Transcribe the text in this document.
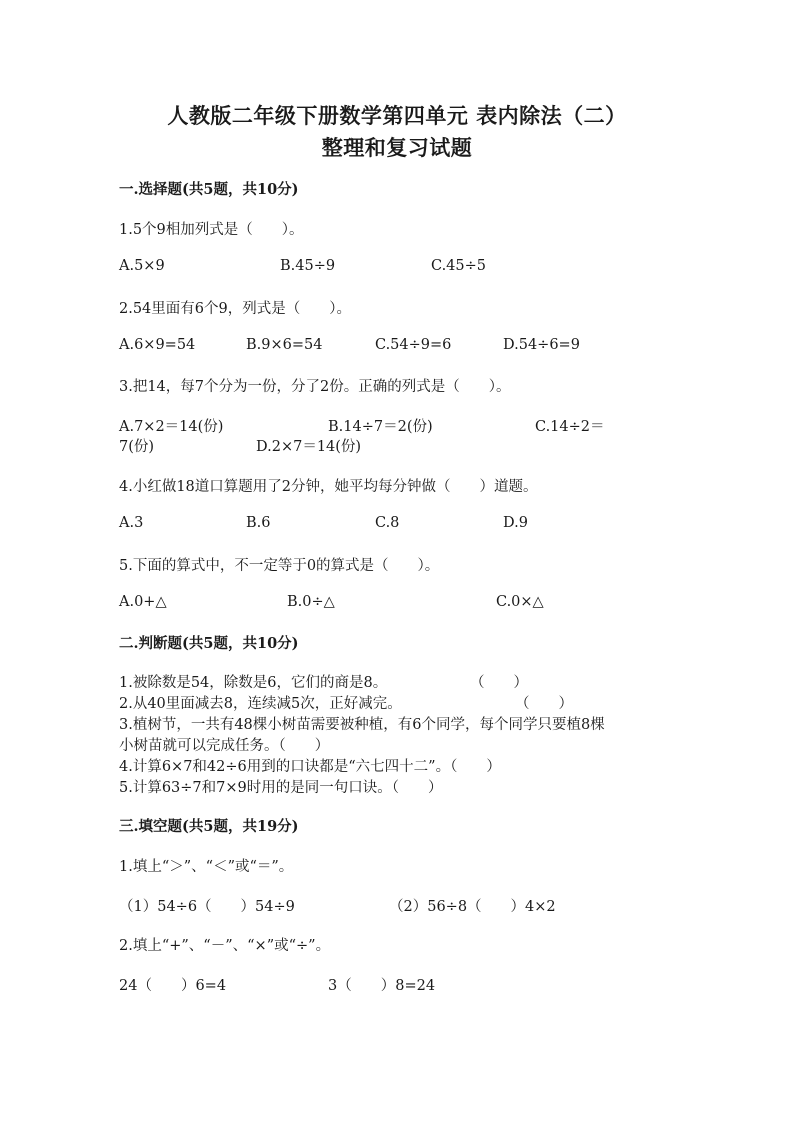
人教版二年级下册数学第四单元 表内除法（二）
整理和复习试题
一.选择题(共5题，共10分)
1.5个9相加列式是（　　）。
A.5×9	B.45÷9	C.45÷5
2.54里面有6个9，列式是（　　）。
A.6×9=54	B.9×6=54	C.54÷9=6	D.54÷6=9
3.把14，每7个分为一份，分了2份。正确的列式是（　　）。
A.7×2＝14(份)	B.14÷7＝2(份)	C.14÷2＝
7(份)	D.2×7＝14(份)
4.小红做18道口算题用了2分钟，她平均每分钟做（　　）道题。
A.3	B.6	C.8	D.9
5.下面的算式中，不一定等于0的算式是（　　）。
A.0+△	B.0÷△	C.0×△
二.判断题(共5题，共10分)
1.被除数是54，除数是6，它们的商是8。	（　　）
2.从40里面减去8，连续减5次，正好减完。	（　　）
3.植树节，一共有48棵小树苗需要被种植，有6个同学，每个同学只要植8棵
小树苗就可以完成任务。（　　）
4.计算6×7和42÷6用到的口诀都是“六七四十二”。（　　）
5.计算63÷7和7×9时用的是同一句口诀。（　　）
三.填空题(共5题，共19分)
1.填上“＞”、“＜”或“＝”。
（1）54÷6（　　）54÷9	（2）56÷8（　　）4×2
2.填上“+”、“－”、“×”或“÷”。
24（　　）6=4	3（　　）8=24
